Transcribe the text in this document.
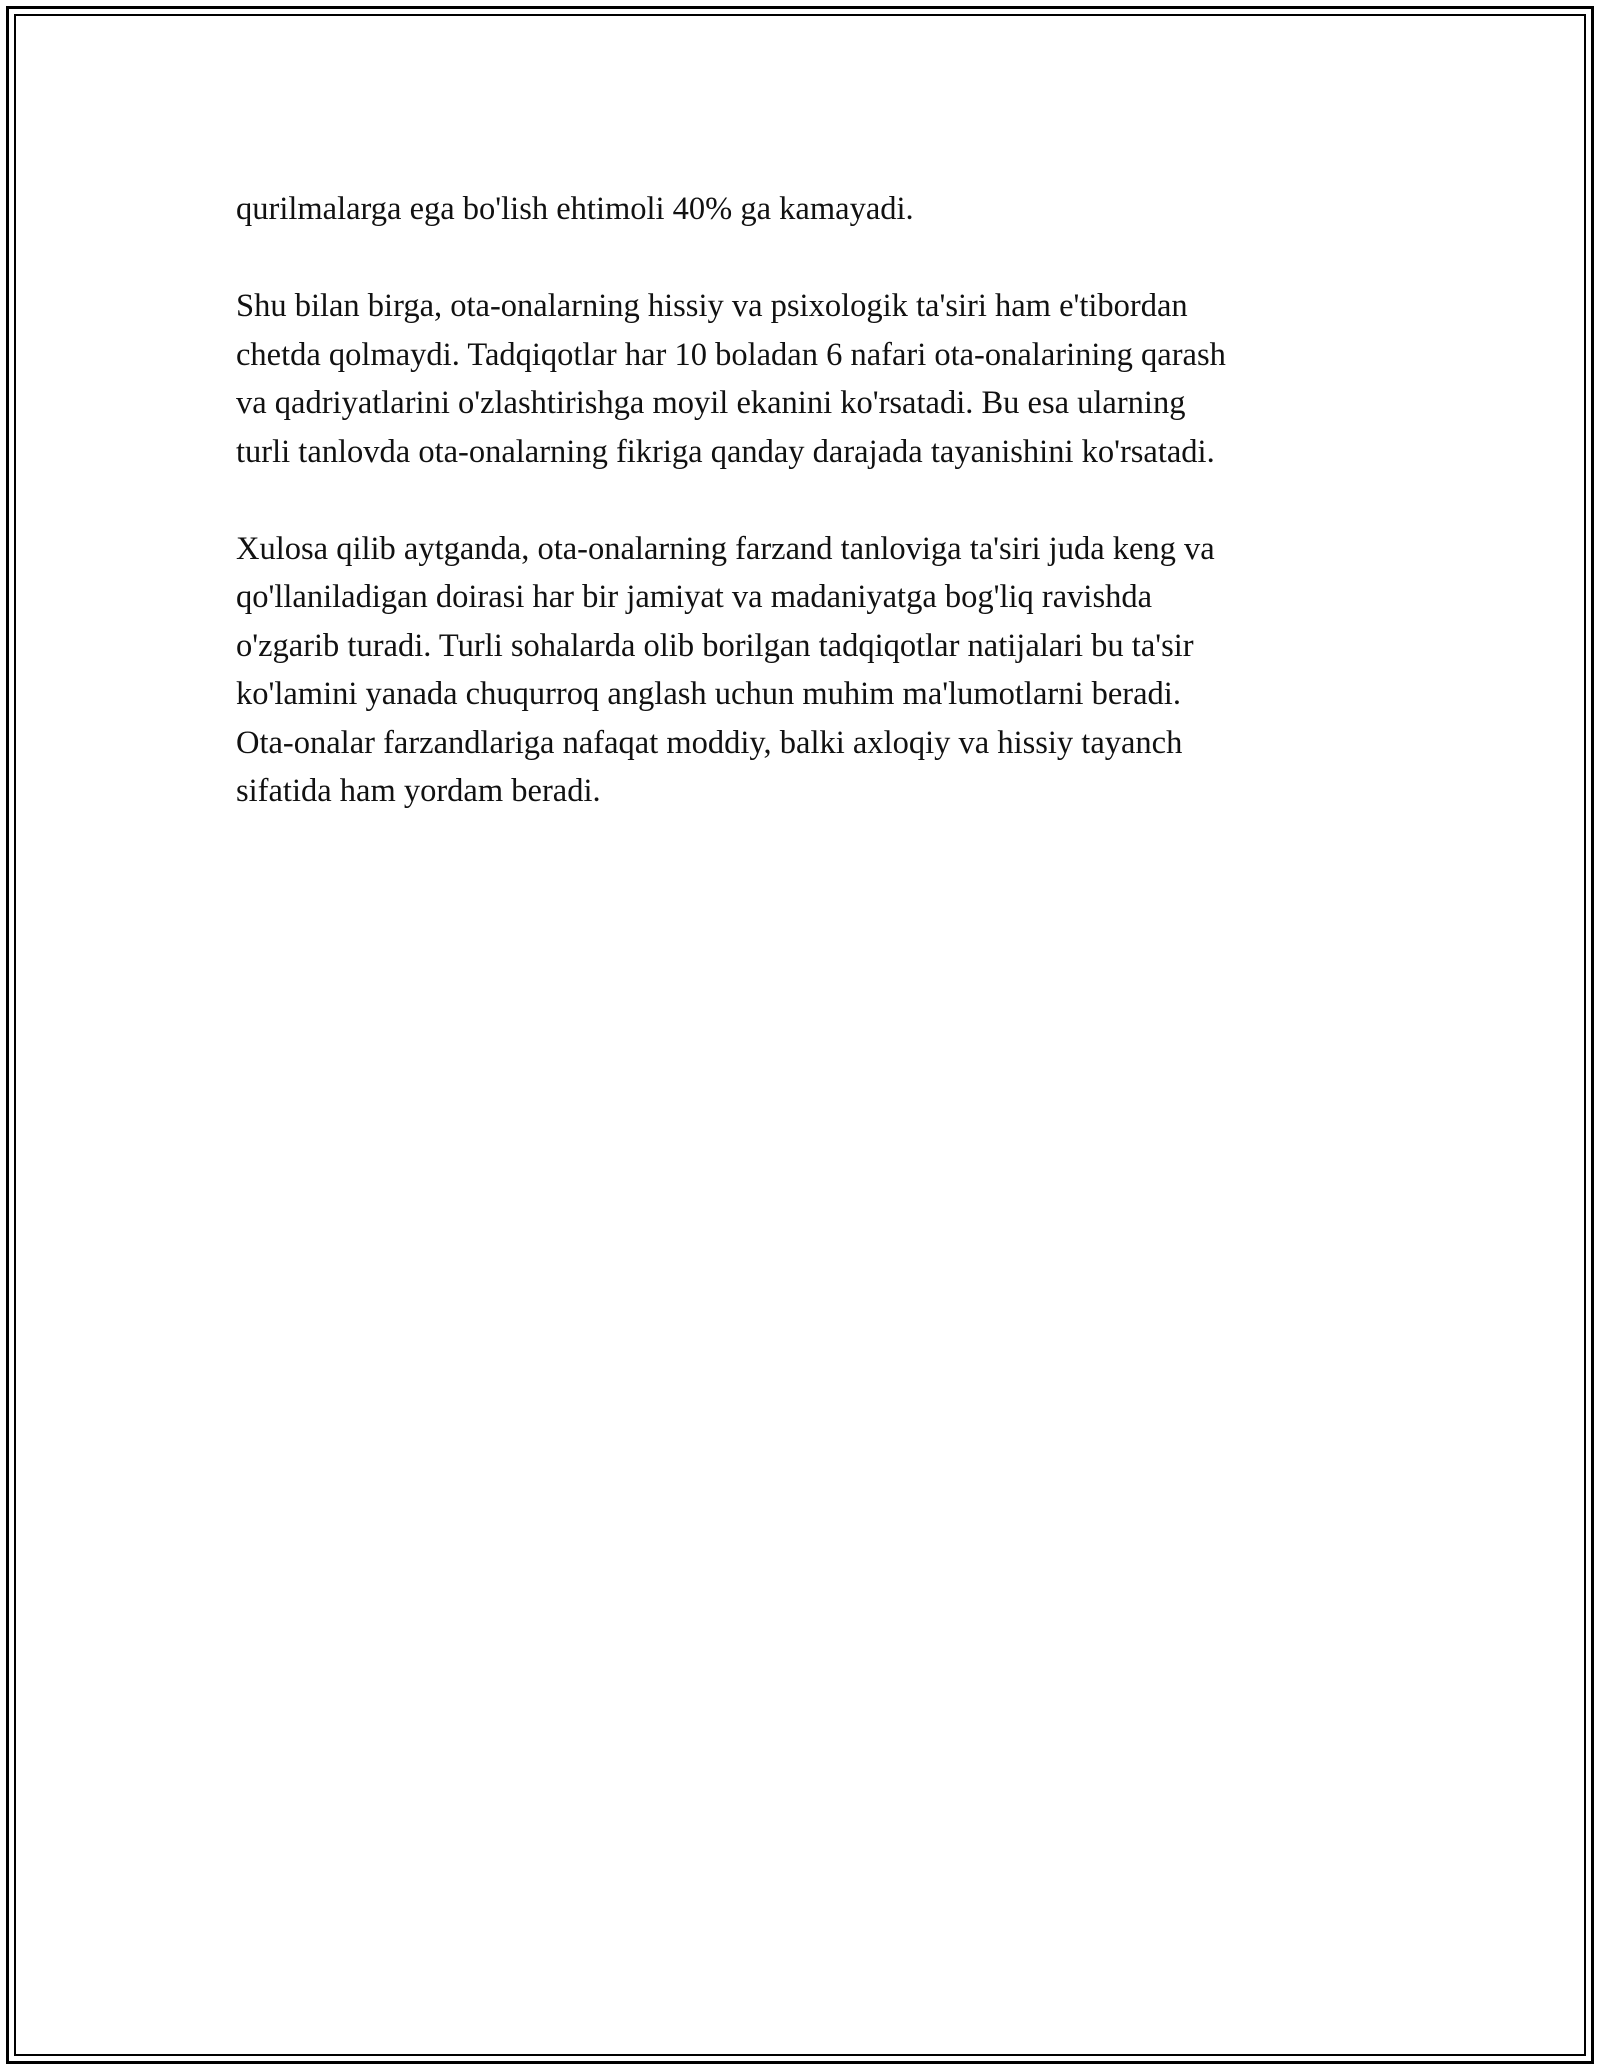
qurilmalarga ega bo'lish ehtimoli 40% ga kamayadi.

Shu bilan birga, ota-onalarning hissiy va psixologik ta'siri ham e'tibordan
chetda qolmaydi. Tadqiqotlar har 10 boladan 6 nafari ota-onalarining qarash
va qadriyatlarini o'zlashtirishga moyil ekanini ko'rsatadi. Bu esa ularning
turli tanlovda ota-onalarning fikriga qanday darajada tayanishini ko'rsatadi.

Xulosa qilib aytganda, ota-onalarning farzand tanloviga ta'siri juda keng va
qo'llaniladigan doirasi har bir jamiyat va madaniyatga bog'liq ravishda
o'zgarib turadi. Turli sohalarda olib borilgan tadqiqotlar natijalari bu ta'sir
ko'lamini yanada chuqurroq anglash uchun muhim ma'lumotlarni beradi.
Ota-onalar farzandlariga nafaqat moddiy, balki axloqiy va hissiy tayanch
sifatida ham yordam beradi.
